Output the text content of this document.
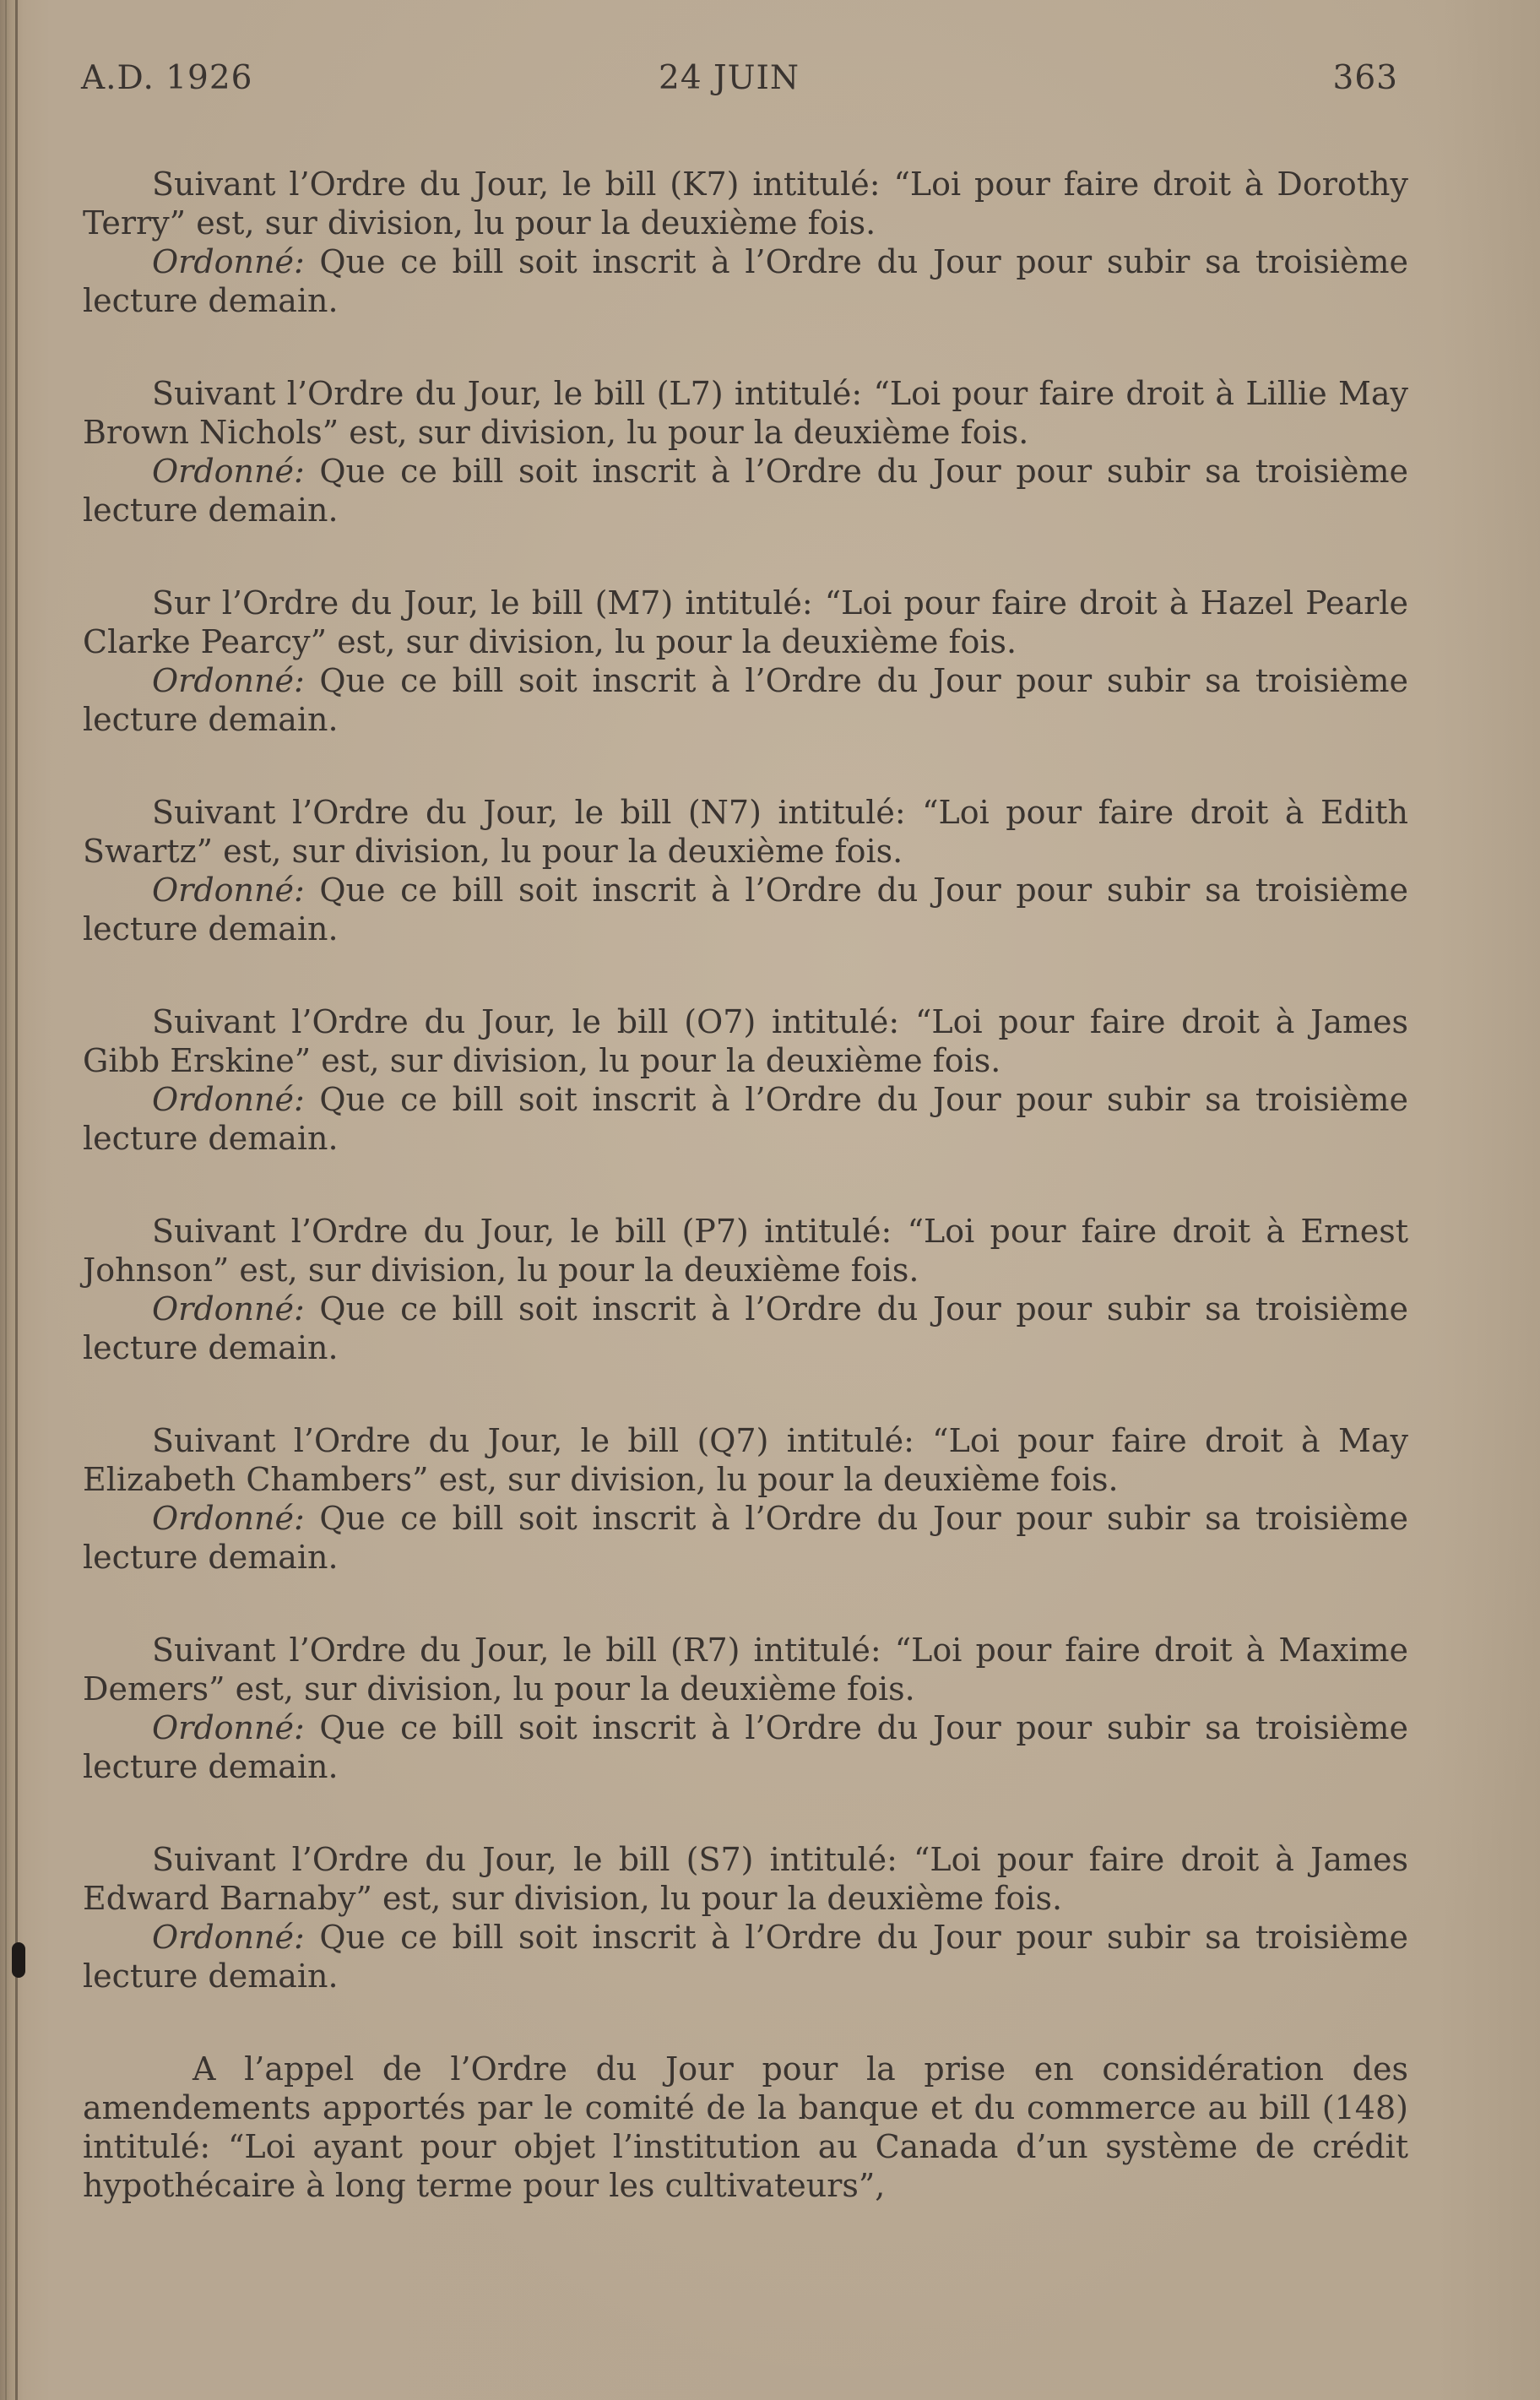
A.D. 1926	24 JUIN	363

Suivant l’Ordre du Jour, le bill (K7) intitulé: “Loi pour faire droit à Dorothy Terry” est, sur division, lu pour la deuxième fois.

Ordonné: Que ce bill soit inscrit à l’Ordre du Jour pour subir sa troisième lecture demain.

Suivant l’Ordre du Jour, le bill (L7) intitulé: “Loi pour faire droit à Lillie May Brown Nichols” est, sur division, lu pour la deuxième fois.

Ordonné: Que ce bill soit inscrit à l’Ordre du Jour pour subir sa troisième lecture demain.

Sur l’Ordre du Jour, le bill (M7) intitulé: “Loi pour faire droit à Hazel Pearle Clarke Pearcy” est, sur division, lu pour la deuxième fois.

Ordonné: Que ce bill soit inscrit à l’Ordre du Jour pour subir sa troisième lecture demain.

Suivant l’Ordre du Jour, le bill (N7) intitulé: “Loi pour faire droit à Edith Swartz” est, sur division, lu pour la deuxième fois.

Ordonné: Que ce bill soit inscrit à l’Ordre du Jour pour subir sa troisième lecture demain.

Suivant l’Ordre du Jour, le bill (O7) intitulé: “Loi pour faire droit à James Gibb Erskine” est, sur division, lu pour la deuxième fois.

Ordonné: Que ce bill soit inscrit à l’Ordre du Jour pour subir sa troisième lecture demain.

Suivant l’Ordre du Jour, le bill (P7) intitulé: “Loi pour faire droit à Ernest Johnson” est, sur division, lu pour la deuxième fois.

Ordonné: Que ce bill soit inscrit à l’Ordre du Jour pour subir sa troisième lecture demain.

Suivant l’Ordre du Jour, le bill (Q7) intitulé: “Loi pour faire droit à May Elizabeth Chambers” est, sur division, lu pour la deuxième fois.

Ordonné: Que ce bill soit inscrit à l’Ordre du Jour pour subir sa troisième lecture demain.

Suivant l’Ordre du Jour, le bill (R7) intitulé: “Loi pour faire droit à Maxime Demers” est, sur division, lu pour la deuxième fois.

Ordonné: Que ce bill soit inscrit à l’Ordre du Jour pour subir sa troisième lecture demain.

Suivant l’Ordre du Jour, le bill (S7) intitulé: “Loi pour faire droit à James Edward Barnaby” est, sur division, lu pour la deuxième fois.

Ordonné: Que ce bill soit inscrit à l’Ordre du Jour pour subir sa troisième lecture demain.

A l’appel de l’Ordre du Jour pour la prise en considération des amendements apportés par le comité de la banque et du commerce au bill (148) intitulé: “Loi ayant pour objet l’institution au Canada d’un système de crédit hypothécaire à long terme pour les cultivateurs”,
